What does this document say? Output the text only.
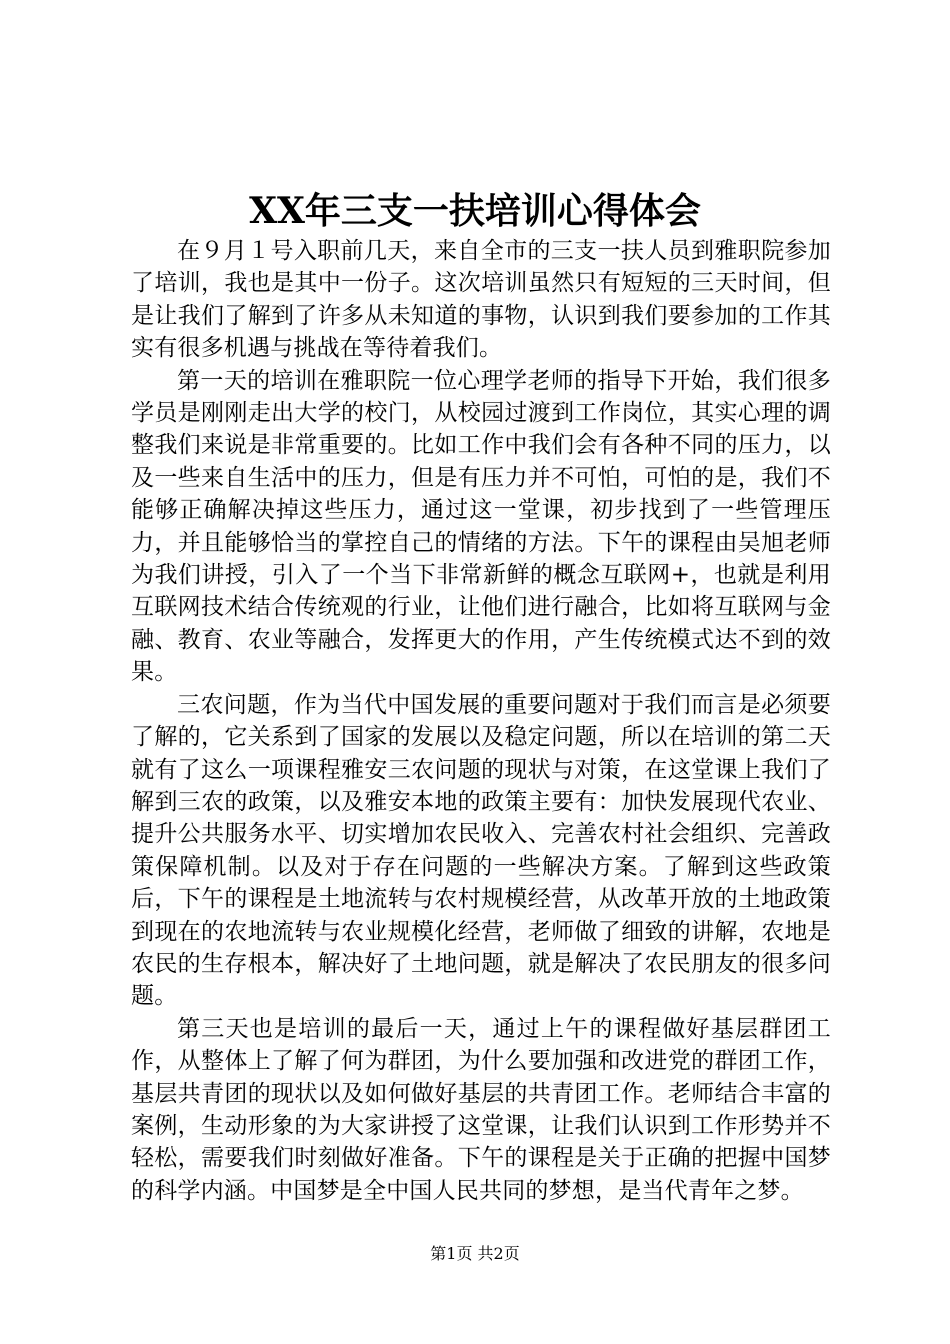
XX年三支一扶培训心得体会

在９月１号入职前几天，来自全市的三支一扶人员到雅职院参加了培训，我也是其中一份子。这次培训虽然只有短短的三天时间，但是让我们了解到了许多从未知道的事物，认识到我们要参加的工作其实有很多机遇与挑战在等待着我们。

第一天的培训在雅职院一位心理学老师的指导下开始，我们很多学员是刚刚走出大学的校门，从校园过渡到工作岗位，其实心理的调整我们来说是非常重要的。比如工作中我们会有各种不同的压力，以及一些来自生活中的压力，但是有压力并不可怕，可怕的是，我们不能够正确解决掉这些压力，通过这一堂课，初步找到了一些管理压力，并且能够恰当的掌控自己的情绪的方法。下午的课程由吴旭老师为我们讲授，引入了一个当下非常新鲜的概念互联网+，也就是利用互联网技术结合传统观的行业，让他们进行融合，比如将互联网与金融、教育、农业等融合，发挥更大的作用，产生传统模式达不到的效果。

三农问题，作为当代中国发展的重要问题对于我们而言是必须要了解的，它关系到了国家的发展以及稳定问题，所以在培训的第二天就有了这么一项课程雅安三农问题的现状与对策，在这堂课上我们了解到三农的政策，以及雅安本地的政策主要有：加快发展现代农业、提升公共服务水平、切实增加农民收入、完善农村社会组织、完善政策保障机制。以及对于存在问题的一些解决方案。了解到这些政策后，下午的课程是土地流转与农村规模经营，从改革开放的土地政策到现在的农地流转与农业规模化经营，老师做了细致的讲解，农地是农民的生存根本，解决好了土地问题，就是解决了农民朋友的很多问题。

第三天也是培训的最后一天，通过上午的课程做好基层群团工作，从整体上了解了何为群团，为什么要加强和改进党的群团工作，基层共青团的现状以及如何做好基层的共青团工作。老师结合丰富的案例，生动形象的为大家讲授了这堂课，让我们认识到工作形势并不轻松，需要我们时刻做好准备。下午的课程是关于正确的把握中国梦的科学内涵。中国梦是全中国人民共同的梦想，是当代青年之梦。

第1页 共2页
